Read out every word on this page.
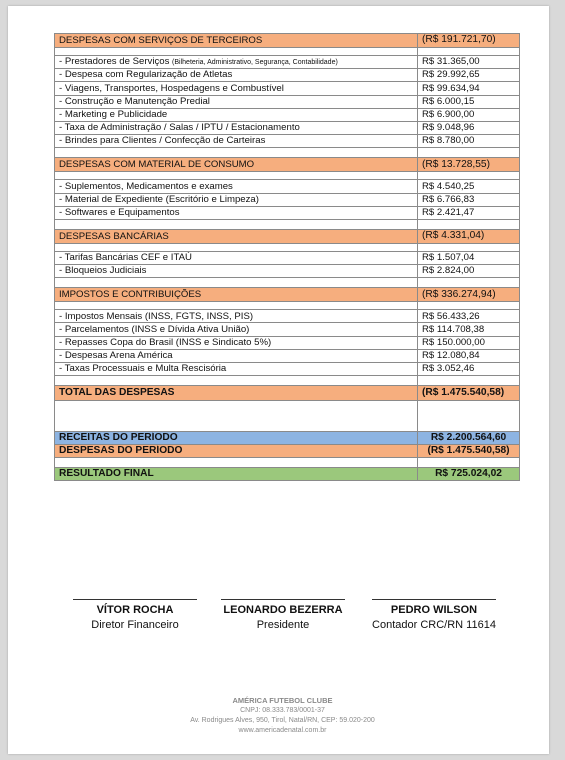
DESPESAS COM SERVIÇOS DE TERCEIROS	(R$ 191.721,70)

- Prestadores de Serviços (Bilheteria, Administrativo, Segurança, Contabilidade)	R$ 31.365,00
- Despesa com Regularização de Atletas	R$ 29.992,65
- Viagens, Transportes, Hospedagens e Combustível	R$ 99.634,94
- Construção e Manutenção Predial	R$ 6.000,15
- Marketing e Publicidade	R$ 6.900,00
- Taxa de Administração / Salas / IPTU / Estacionamento	R$ 9.048,96
- Brindes para Clientes / Confecção de Carteiras	R$ 8.780,00

DESPESAS COM MATERIAL DE CONSUMO	(R$ 13.728,55)

- Suplementos, Medicamentos e exames	R$ 4.540,25
- Material de Expediente (Escritório e Limpeza)	R$ 6.766,83
- Softwares e Equipamentos	R$ 2.421,47

DESPESAS BANCÁRIAS	(R$ 4.331,04)

- Tarifas Bancárias CEF e ITAÚ	R$ 1.507,04
- Bloqueios Judiciais	R$ 2.824,00

IMPOSTOS E CONTRIBUIÇÕES	(R$ 336.274,94)

- Impostos Mensais (INSS, FGTS, INSS, PIS)	R$ 56.433,26
- Parcelamentos (INSS e Dívida Ativa União)	R$ 114.708,38
- Repasses Copa do Brasil (INSS e Sindicato 5%)	R$ 150.000,00
- Despesas Arena América	R$ 12.080,84
- Taxas Processuais e Multa Rescisória	R$ 3.052,46

TOTAL DAS DESPESAS	(R$ 1.475.540,58)

RECEITAS DO PERÍODO	R$ 2.200.564,60
DESPESAS DO PERÍODO	(R$ 1.475.540,58)

RESULTADO FINAL	R$ 725.024,02
VÍTOR ROCHA
Diretor Financeiro
LEONARDO BEZERRA
Presidente
PEDRO WILSON
Contador CRC/RN 11614
AMÉRICA FUTEBOL CLUBE
CNPJ: 08.333.783/0001-37
Av. Rodrigues Alves, 950, Tirol, Natal/RN, CEP: 59.020-200
www.americadenatal.com.br
